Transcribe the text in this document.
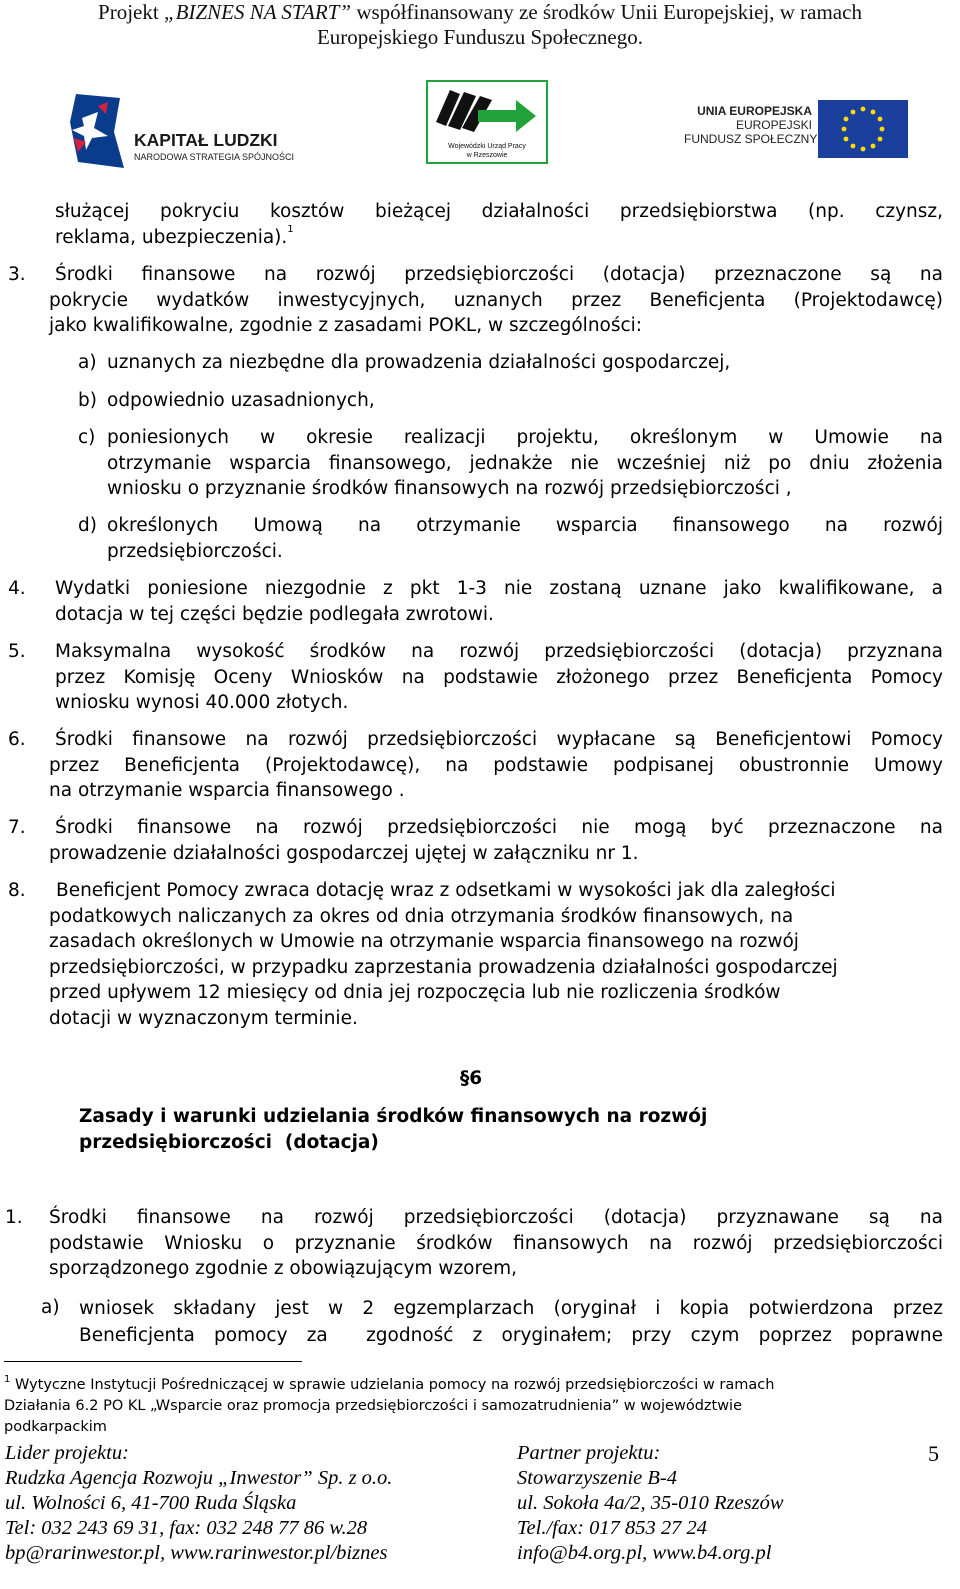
Projekt „BIZNES NA START” współfinansowany ze środków Unii Europejskiej, w ramach
Europejskiego Funduszu Społecznego.
KAPITAŁ LUDZKI
NARODOWA STRATEGIA SPÓJNOŚCI
Wojewódzki Urząd Pracy
w Rzeszowie
UNIA EUROPEJSKA
EUROPEJSKI
FUNDUSZ SPOŁECZNY
służącej pokryciu kosztów bieżącej działalności przedsiębiorstwa (np. czynsz,
reklama, ubezpieczenia).$^1$
3.	Środki finansowe na rozwój przedsiębiorczości (dotacja) przeznaczone są na
pokrycie wydatków inwestycyjnych, uznanych przez Beneficjenta (Projektodawcę)
jako kwalifikowalne, zgodnie z zasadami POKL, w szczególności:
a) uznanych za niezbędne dla prowadzenia działalności gospodarczej,
b) odpowiednio uzasadnionych,
c) poniesionych w okresie realizacji projektu, określonym w Umowie na
otrzymanie wsparcia finansowego, jednakże nie wcześniej niż po dniu złożenia
wniosku o przyznanie środków finansowych na rozwój przedsiębiorczości ,
d) określonych Umową na otrzymanie wsparcia finansowego na rozwój
przedsiębiorczości.
4. Wydatki poniesione niezgodnie z pkt 1-3 nie zostaną uznane jako kwalifikowane, a
dotacja w tej części będzie podlegała zwrotowi.
5. Maksymalna wysokość środków na rozwój przedsiębiorczości (dotacja) przyznana
przez Komisję Oceny Wniosków na podstawie złożonego przez Beneficjenta Pomocy
wniosku wynosi 40.000 złotych.
6.	Środki finansowe na rozwój przedsiębiorczości wypłacane są Beneficjentowi Pomocy
przez Beneficjenta (Projektodawcę), na podstawie podpisanej obustronnie Umowy
na otrzymanie wsparcia finansowego .
7.	Środki finansowe na rozwój przedsiębiorczości nie mogą być przeznaczone na
prowadzenie działalności gospodarczej ujętej w załączniku nr 1.
8.	Beneficjent Pomocy zwraca dotację wraz z odsetkami w wysokości jak dla zaległości
podatkowych naliczanych za okres od dnia otrzymania środków finansowych, na
zasadach określonych w Umowie na otrzymanie wsparcia finansowego na rozwój
przedsiębiorczości, w przypadku zaprzestania prowadzenia działalności gospodarczej
przed upływem 12 miesięcy od dnia jej rozpoczęcia lub nie rozliczenia środków
dotacji w wyznaczonym terminie.
§6
Zasady i warunki udzielania środków finansowych na rozwój
przedsiębiorczości  (dotacja)
1. Środki finansowe na rozwój przedsiębiorczości (dotacja) przyznawane są na
podstawie Wniosku o przyznanie środków finansowych na rozwój przedsiębiorczości
sporządzonego zgodnie z obowiązującym wzorem,
a) wniosek składany jest w 2 egzemplarzach (oryginał i kopia potwierdzona przez
Beneficjenta pomocy za  zgodność z oryginałem; przy czym poprzez poprawne
$^1$ Wytyczne Instytucji Pośredniczącej w sprawie udzielania pomocy na rozwój przedsiębiorczości w ramach
Działania 6.2 PO KL „Wsparcie oraz promocja przedsiębiorczości i samozatrudnienia” w województwie
podkarpackim
Lider projektu:
Rudzka Agencja Rozwoju „Inwestor” Sp. z o.o.
ul. Wolności 6, 41-700 Ruda Śląska
Tel: 032 243 69 31, fax: 032 248 77 86 w.28
bp@rarinwestor.pl, www.rarinwestor.pl/biznes
Partner projektu:
Stowarzyszenie B-4
ul. Sokoła 4a/2, 35-010 Rzeszów
Tel./fax: 017 853 27 24
info@b4.org.pl, www.b4.org.pl
5
